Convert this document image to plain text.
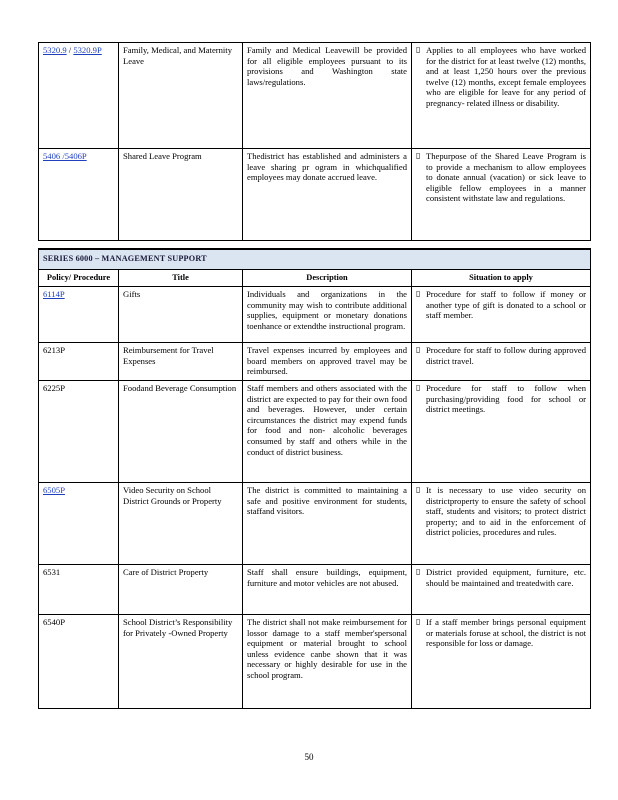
5320.9 / 5320.9P	Family, Medical, and Maternity Leave	Family and Medical Leavewill be provided for all eligible employees pursuant to its provisions and Washington state laws/regulations.	▯ Applies to all employees who have worked for the district for at least twelve (12) months, and at least 1,250 hours over the previous twelve (12) months, except female employees who are eligible for leave for any period of pregnancy- related illness or disability.

5406 /5406P	Shared Leave Program	Thedistrict has established and administers a leave sharing pr ogram in whichqualified employees may donate accrued leave.	▯ Thepurpose of the Shared Leave Program is to provide a mechanism to allow employees to donate annual (vacation) or sick leave to eligible fellow employees in a manner consistent withstate law and regulations.

SERIES 6000 – MANAGEMENT SUPPORT			
Policy/ Procedure	Title	Description	Situation to apply
6114P	Gifts	Individuals and organizations in the community may wish to contribute additional supplies, equipment or monetary donations toenhance or extendthe instructional program.	▯ Procedure for staff to follow if money or another type of gift is donated to a school or staff member.

6213P	Reimbursement for Travel Expenses	Travel expenses incurred by employees and board members on approved travel may be reimbursed.	▯ Procedure for staff to follow during approved district travel.

6225P	Foodand Beverage Consumption	Staff members and others associated with the district are expected to pay for their own food and beverages. However, under certain circumstances the district may expend funds for food and non- alcoholic beverages consumed by staff and others while in the conduct of district business.	▯ Procedure for staff to follow when purchasing/providing food for school or district meetings.

6505P	Video Security on School District Grounds or Property	The district is committed to maintaining a safe and positive environment for students, staffand visitors.	▯ It is necessary to use video security on districtproperty to ensure the safety of school staff, students and visitors; to protect district property; and to aid in the enforcement of district policies, procedures and rules.

6531	Care of District Property	Staff shall ensure buildings, equipment, furniture and motor vehicles are not abused.	▯ District provided equipment, furniture, etc. should be maintained and treatedwith care.

6540P	School District’s Responsibility for Privately -Owned Property	The district shall not make reimbursement for lossor damage to a staff member'spersonal equipment or material brought to school unless evidence canbe shown that it was necessary or highly desirable for use in the school program.	▯ If a staff member brings personal equipment or materials foruse at school, the district is not responsible for loss or damage.
50
